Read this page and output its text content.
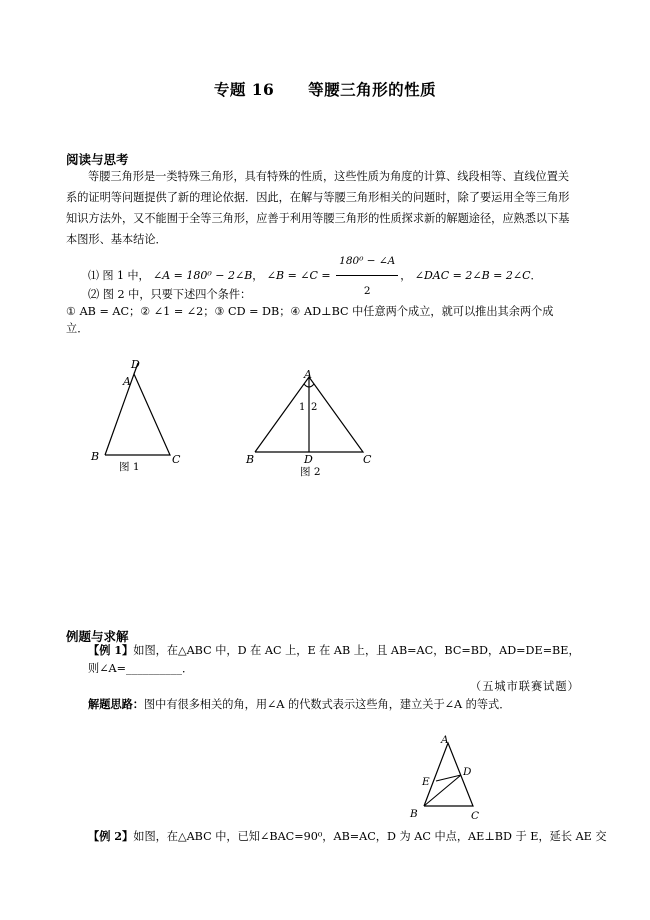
专题 16 等腰三角形的性质
阅读与思考
等腰三角形是一类特殊三角形，具有特殊的性质，这些性质为角度的计算、线段相等、直线位置关
系的证明等问题提供了新的理论依据．因此，在解与等腰三角形相关的问题时，除了要运用全等三角形
知识方法外，又不能囿于全等三角形，应善于利用等腰三角形的性质探求新的解题途径，应熟悉以下基
本图形、基本结论．
⑴ 图 1 中， ∠A = 180⁰ − 2∠B， ∠B = ∠C = $\frac{\text{180⁰ − ∠A}}{2}$ ， ∠DAC = 2∠B = 2∠C．
⑵ 图 2 中，只要下述四个条件：
① AB = AC；② ∠1 = ∠2；③ CD = DB；④ AD⊥BC 中任意两个成立，就可以推出其余两个成
立．
D
A
B	C
图 1
A
1 2
B	D	C
图 2
例题与求解
【例 1】如图，在△ABC 中，D 在 AC 上，E 在 AB 上，且 AB=AC，BC=BD，AD=DE=BE，
则∠A=__________．
（五城市联赛试题）
解题思路：图中有很多相关的角，用∠A 的代数式表示这些角，建立关于∠A 的等式．
A
D
E
B	C
【例 2】如图，在△ABC 中，已知∠BAC=90⁰，AB=AC，D 为 AC 中点，AE⊥BD 于 E，延长 AE 交
